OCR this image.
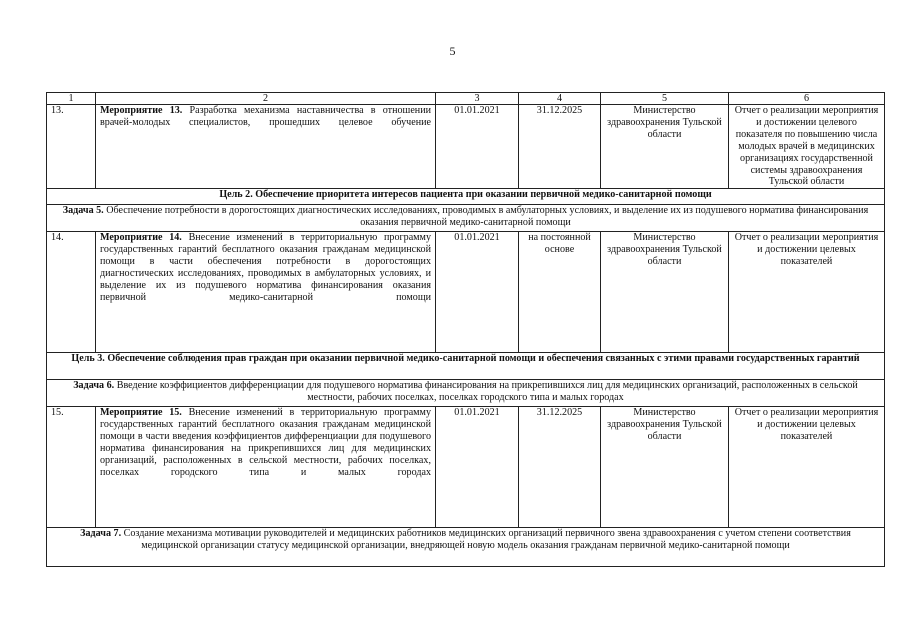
5
1	2	3	4	5	6
13.	Мероприятие 13. Разработка механизма наставничества в отношении врачей-молодых специалистов, прошедших целевое обучение	01.01.2021	31.12.2025	Министерство здравоохранения Тульской области	Отчет о реализации мероприятия и достижении целевого показателя по повышению числа молодых врачей в медицинских организациях государственной системы здравоохранения Тульской области
Цель 2. Обеспечение приоритета интересов пациента при оказании первичной медико-санитарной помощи					
Задача 5. Обеспечение потребности в дорогостоящих диагностических исследованиях, проводимых в амбулаторных условиях, и выделение их из подушевого норматива финансирования оказания первичной медико-санитарной помощи					
14.	Мероприятие 14. Внесение изменений в территориальную программу государственных гарантий бесплатного оказания гражданам медицинской помощи в части обеспечения потребности в дорогостоящих диагностических исследованиях, проводимых в амбулаторных условиях, и выделение их из подушевого норматива финансирования оказания первичной медико-санитарной помощи	01.01.2021	на постоянной основе	Министерство здравоохранения Тульской области	Отчет о реализации мероприятия и достижении целевых показателей
Цель 3. Обеспечение соблюдения прав граждан при оказании первичной медико-санитарной помощи и обеспечения связанных с этими правами государственных гарантий					
Задача 6. Введение коэффициентов дифференциации для подушевого норматива финансирования на прикрепившихся лиц для медицинских организаций, расположенных в сельской местности, рабочих поселках, поселках городского типа и малых городах					
15.	Мероприятие 15. Внесение изменений в территориальную программу государственных гарантий бесплатного оказания гражданам медицинской помощи в части введения коэффициентов дифференциации для подушевого норматива финансирования на прикрепившихся лиц для медицинских организаций, расположенных в сельской местности, рабочих поселках, поселках городского типа и малых городах	01.01.2021	31.12.2025	Министерство здравоохранения Тульской области	Отчет о реализации мероприятия и достижении целевых показателей
Задача 7. Создание механизма мотивации руководителей и медицинских работников медицинских организаций первичного звена здравоохранения с учетом степени соответствия медицинской организации статусу медицинской организации, внедряющей новую модель оказания гражданам первичной медико-санитарной помощи					
